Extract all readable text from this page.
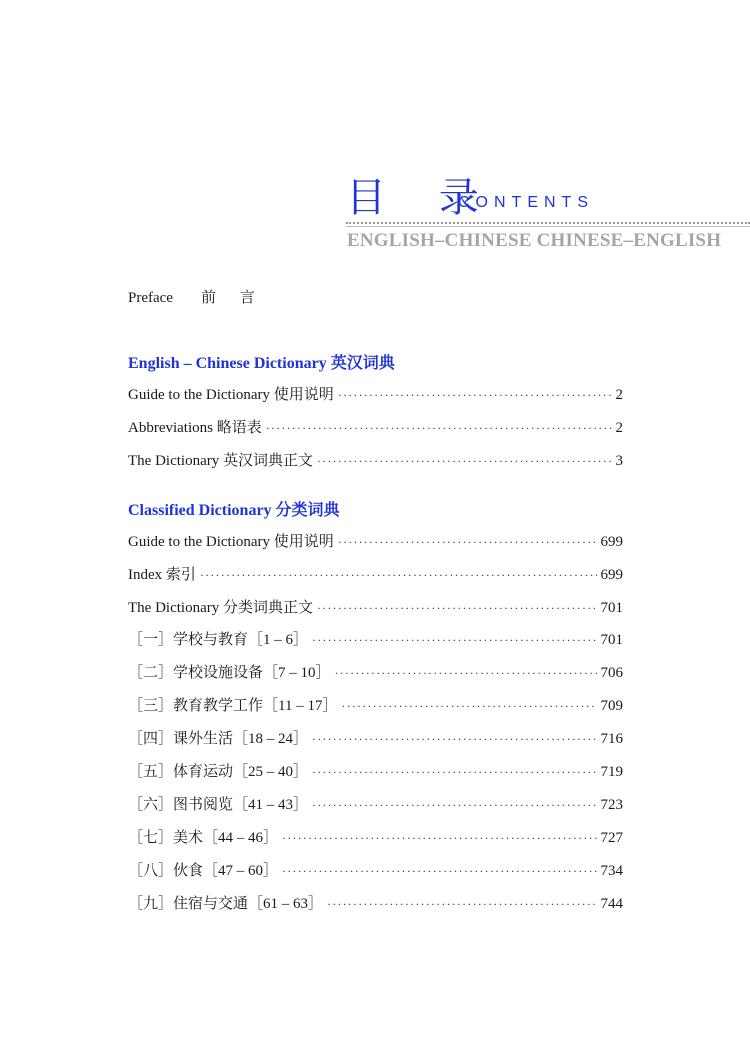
目 录
CONTENTS
ENGLISH–CHINESE CHINESE–ENGLISH
Preface 前 言
English – Chinese Dictionary 英汉词典
Guide to the Dictionary 使用说明 ·····	2
Abbreviations 略语表 ·····	2
The Dictionary 英汉词典正文 ·····	3
Classified Dictionary 分类词典
Guide to the Dictionary 使用说明 ·····	699
Index 索引 ·····	699
The Dictionary 分类词典正文 ·····	701
［一］学校与教育［1 – 6］ ·····	701
［二］学校设施设备［7 – 10］ ·····	706
［三］教育教学工作［11 – 17］ ·····	709
［四］课外生活［18 – 24］ ·····	716
［五］体育运动［25 – 40］ ·····	719
［六］图书阅览［41 – 43］ ·····	723
［七］美术［44 – 46］ ·····	727
［八］伙食［47 – 60］ ·····	734
［九］住宿与交通［61 – 63］ ·····	744
